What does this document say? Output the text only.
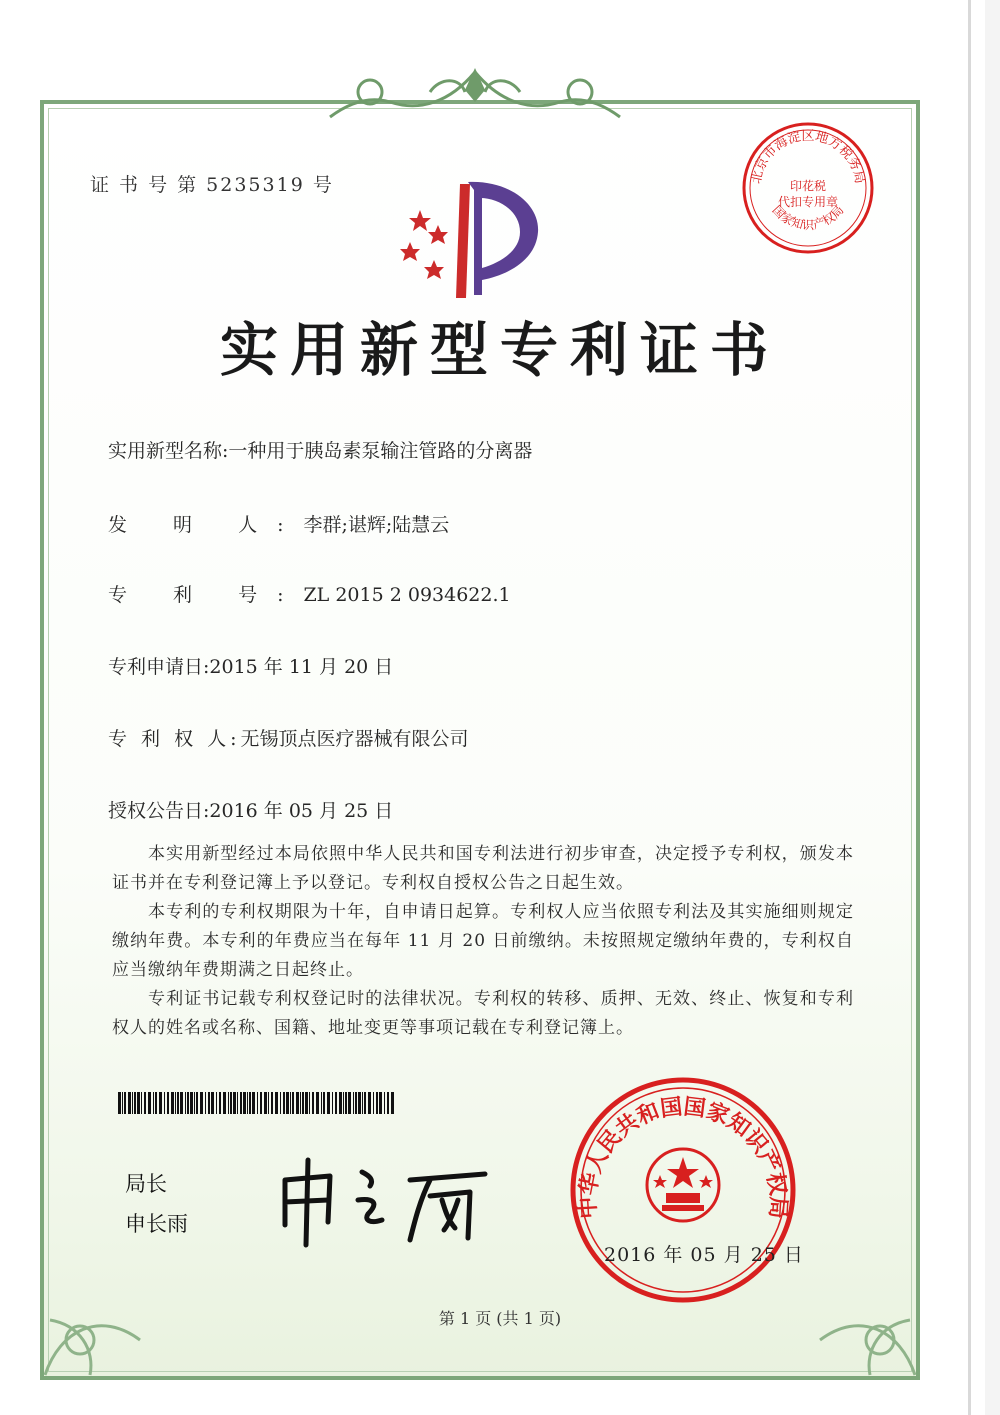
证 书 号 第 5235319 号	北京市海淀区地方税务局
印花税
代扣专用章
国家知识产权局
实用新型专利证书
实用新型名称:一种用于胰岛素泵输注管路的分离器
发 明 人:李群;谌辉;陆慧云
专 利 号:ZL 2015 2 0934622.1
专利申请日:2015 年 11 月 20 日
专 利 权 人:无锡顶点医疗器械有限公司
授权公告日:2016 年 05 月 25 日
本实用新型经过本局依照中华人民共和国专利法进行初步审查，决定授予专利权，颁发本证书并在专利登记簿上予以登记。专利权自授权公告之日起生效。
本专利的专利权期限为十年，自申请日起算。专利权人应当依照专利法及其实施细则规定缴纳年费。本专利的年费应当在每年 11 月 20 日前缴纳。未按照规定缴纳年费的，专利权自应当缴纳年费期满之日起终止。
专利证书记载专利权登记时的法律状况。专利权的转移、质押、无效、终止、恢复和专利权人的姓名或名称、国籍、地址变更等事项记载在专利登记簿上。
局长
申长雨
中华人民共和国国家知识产权局
2016 年 05 月 25 日
第 1 页 (共 1 页)
